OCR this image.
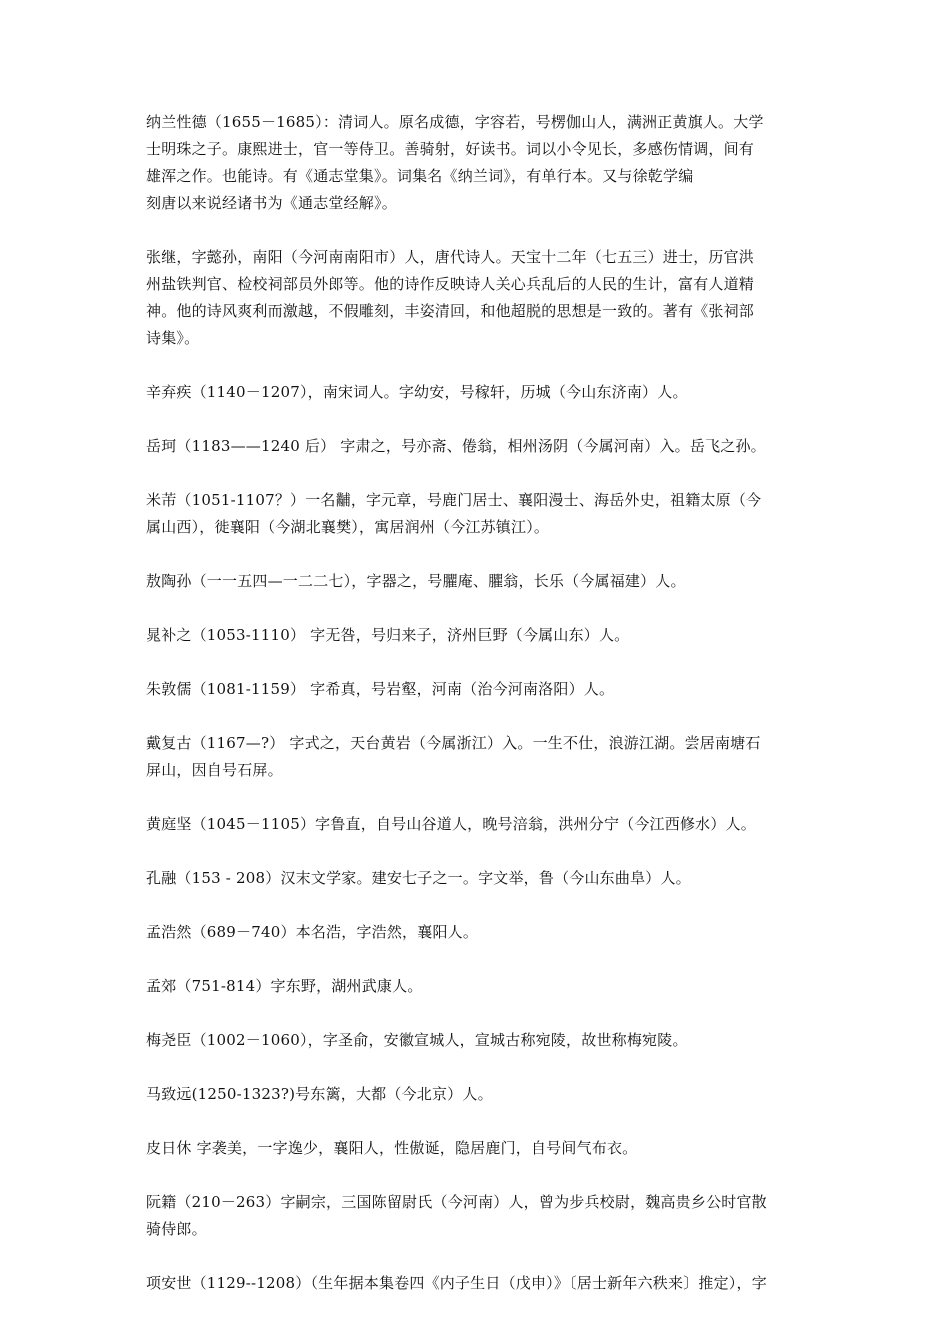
纳兰性德（1655－1685）：清词人。原名成德，字容若，号楞伽山人，满洲正黄旗人。大学
士明珠之子。康熙进士，官一等侍卫。善骑射，好读书。词以小令见长，多感伤情调，间有
雄浑之作。也能诗。有《通志堂集》。词集名《纳兰词》，有单行本。又与徐乾学编
刻唐以来说经诸书为《通志堂经解》。

张继，字懿孙，南阳（今河南南阳市）人，唐代诗人。天宝十二年（七五三）进士，历官洪
州盐铁判官、检校祠部员外郎等。他的诗作反映诗人关心兵乱后的人民的生计，富有人道精
神。他的诗风爽利而激越，不假雕刻，丰姿清回，和他超脱的思想是一致的。著有《张祠部
诗集》。

辛弃疾（1140－1207），南宋词人。字幼安，号稼轩，历城（今山东济南）人。

岳珂（1183——1240 后） 字肃之，号亦斋、倦翁，相州汤阴（今属河南）入。岳飞之孙。

米芾（1051-1107？）一名黼，字元章，号鹿门居士、襄阳漫士、海岳外史，祖籍太原（今
属山西），徙襄阳（今湖北襄樊），寓居润州（今江苏镇江）。

敖陶孙（一一五四—一二二七），字器之，号臞庵、臞翁，长乐（今属福建）人。

晁补之（1053-1110） 字无咎，号归来子，济州巨野（今属山东）人。

朱敦儒（1081-1159） 字希真，号岩壑，河南（治今河南洛阳）人。

戴复古（1167—?） 字式之，天台黄岩（今属浙江）入。一生不仕，浪游江湖。尝居南塘石
屏山，因自号石屏。

黄庭坚（1045－1105）字鲁直，自号山谷道人，晚号涪翁，洪州分宁（今江西修水）人。

孔融（153 - 208）汉末文学家。建安七子之一。字文举，鲁（今山东曲阜）人。

孟浩然（689－740）本名浩，字浩然，襄阳人。

孟郊（751-814）字东野，湖州武康人。

梅尧臣（1002－1060），字圣俞，安徽宣城人，宣城古称宛陵，故世称梅宛陵。

马致远(1250-1323?)号东篱，大都（今北京）人。

皮日休 字袭美，一字逸少，襄阳人，性傲诞，隐居鹿门，自号间气布衣。

阮籍（210－263）字嗣宗，三国陈留尉氏（今河南）人，曾为步兵校尉，魏高贵乡公时官散
骑侍郎。

项安世（1129--1208）（生年据本集卷四《内子生日（戊申）》〔居士新年六秩来〕推定），字
